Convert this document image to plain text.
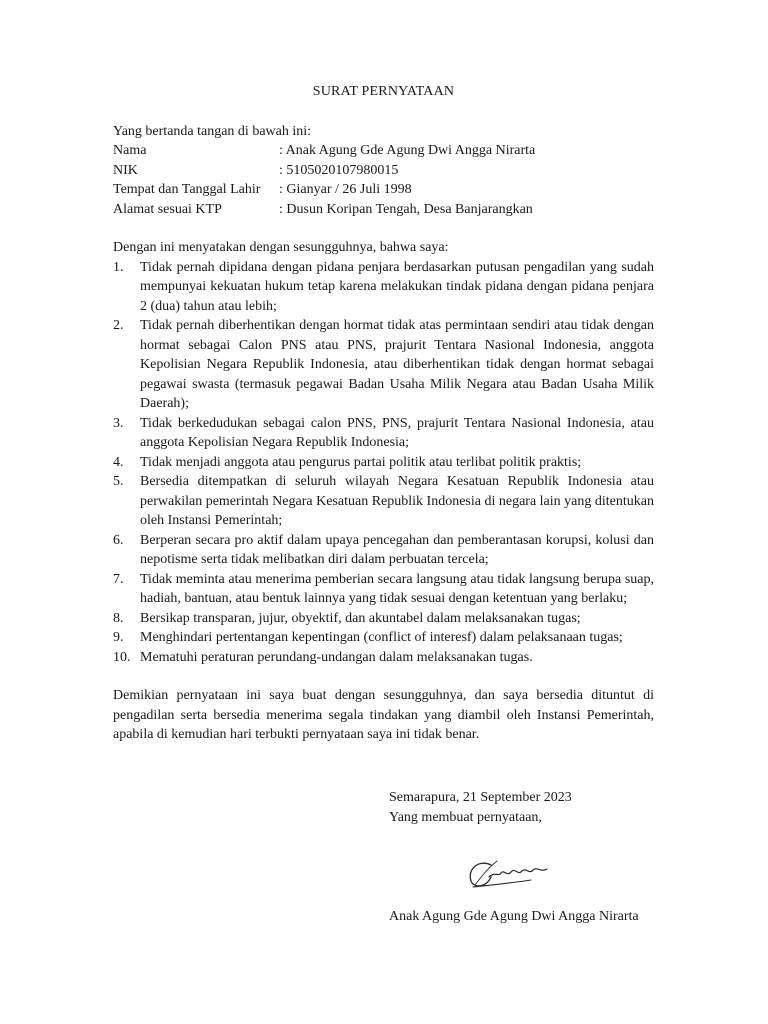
SURAT PERNYATAAN
Yang bertanda tangan di bawah ini:
Nama	: Anak Agung Gde Agung Dwi Angga Nirarta
NIK	: 5105020107980015
Tempat dan Tanggal Lahir	: Gianyar / 26 Juli 1998
Alamat sesuai KTP	: Dusun Koripan Tengah, Desa Banjarangkan
Dengan ini menyatakan dengan sesungguhnya, bahwa saya:
1.	Tidak pernah dipidana dengan pidana penjara berdasarkan putusan pengadilan yang sudah mempunyai kekuatan hukum tetap karena melakukan tindak pidana dengan pidana penjara 2 (dua) tahun atau lebih;
2.	Tidak pernah diberhentikan dengan hormat tidak atas permintaan sendiri atau tidak dengan hormat sebagai Calon PNS atau PNS, prajurit Tentara Nasional Indonesia, anggota Kepolisian Negara Republik Indonesia, atau diberhentikan tidak dengan hormat sebagai pegawai swasta (termasuk pegawai Badan Usaha Milik Negara atau Badan Usaha Milik Daerah);
3.	Tidak berkedudukan sebagai calon PNS, PNS, prajurit Tentara Nasional Indonesia, atau anggota Kepolisian Negara Republik Indonesia;
4.	Tidak menjadi anggota atau pengurus partai politik atau terlibat politik praktis;
5.	Bersedia ditempatkan di seluruh wilayah Negara Kesatuan Republik Indonesia atau perwakilan pemerintah Negara Kesatuan Republik Indonesia di negara lain yang ditentukan oleh Instansi Pemerintah;
6.	Berperan secara pro aktif dalam upaya pencegahan dan pemberantasan korupsi, kolusi dan nepotisme serta tidak melibatkan diri dalam perbuatan tercela;
7.	Tidak meminta atau menerima pemberian secara langsung atau tidak langsung berupa suap, hadiah, bantuan, atau bentuk lainnya yang tidak sesuai dengan ketentuan yang berlaku;
8.	Bersikap transparan, jujur, obyektif, dan akuntabel dalam melaksanakan tugas;
9.	Menghindari pertentangan kepentingan (conflict of interesf) dalam pelaksanaan tugas;
10. Mematuhi peraturan perundang-undangan dalam melaksanakan tugas.
Demikian pernyataan ini saya buat dengan sesungguhnya, dan saya bersedia dituntut di pengadilan serta bersedia menerima segala tindakan yang diambil oleh Instansi Pemerintah, apabila di kemudian hari terbukti pernyataan saya ini tidak benar.
Semarapura, 21 September 2023
Yang membuat pernyataan,
Anak Agung Gde Agung Dwi Angga Nirarta
